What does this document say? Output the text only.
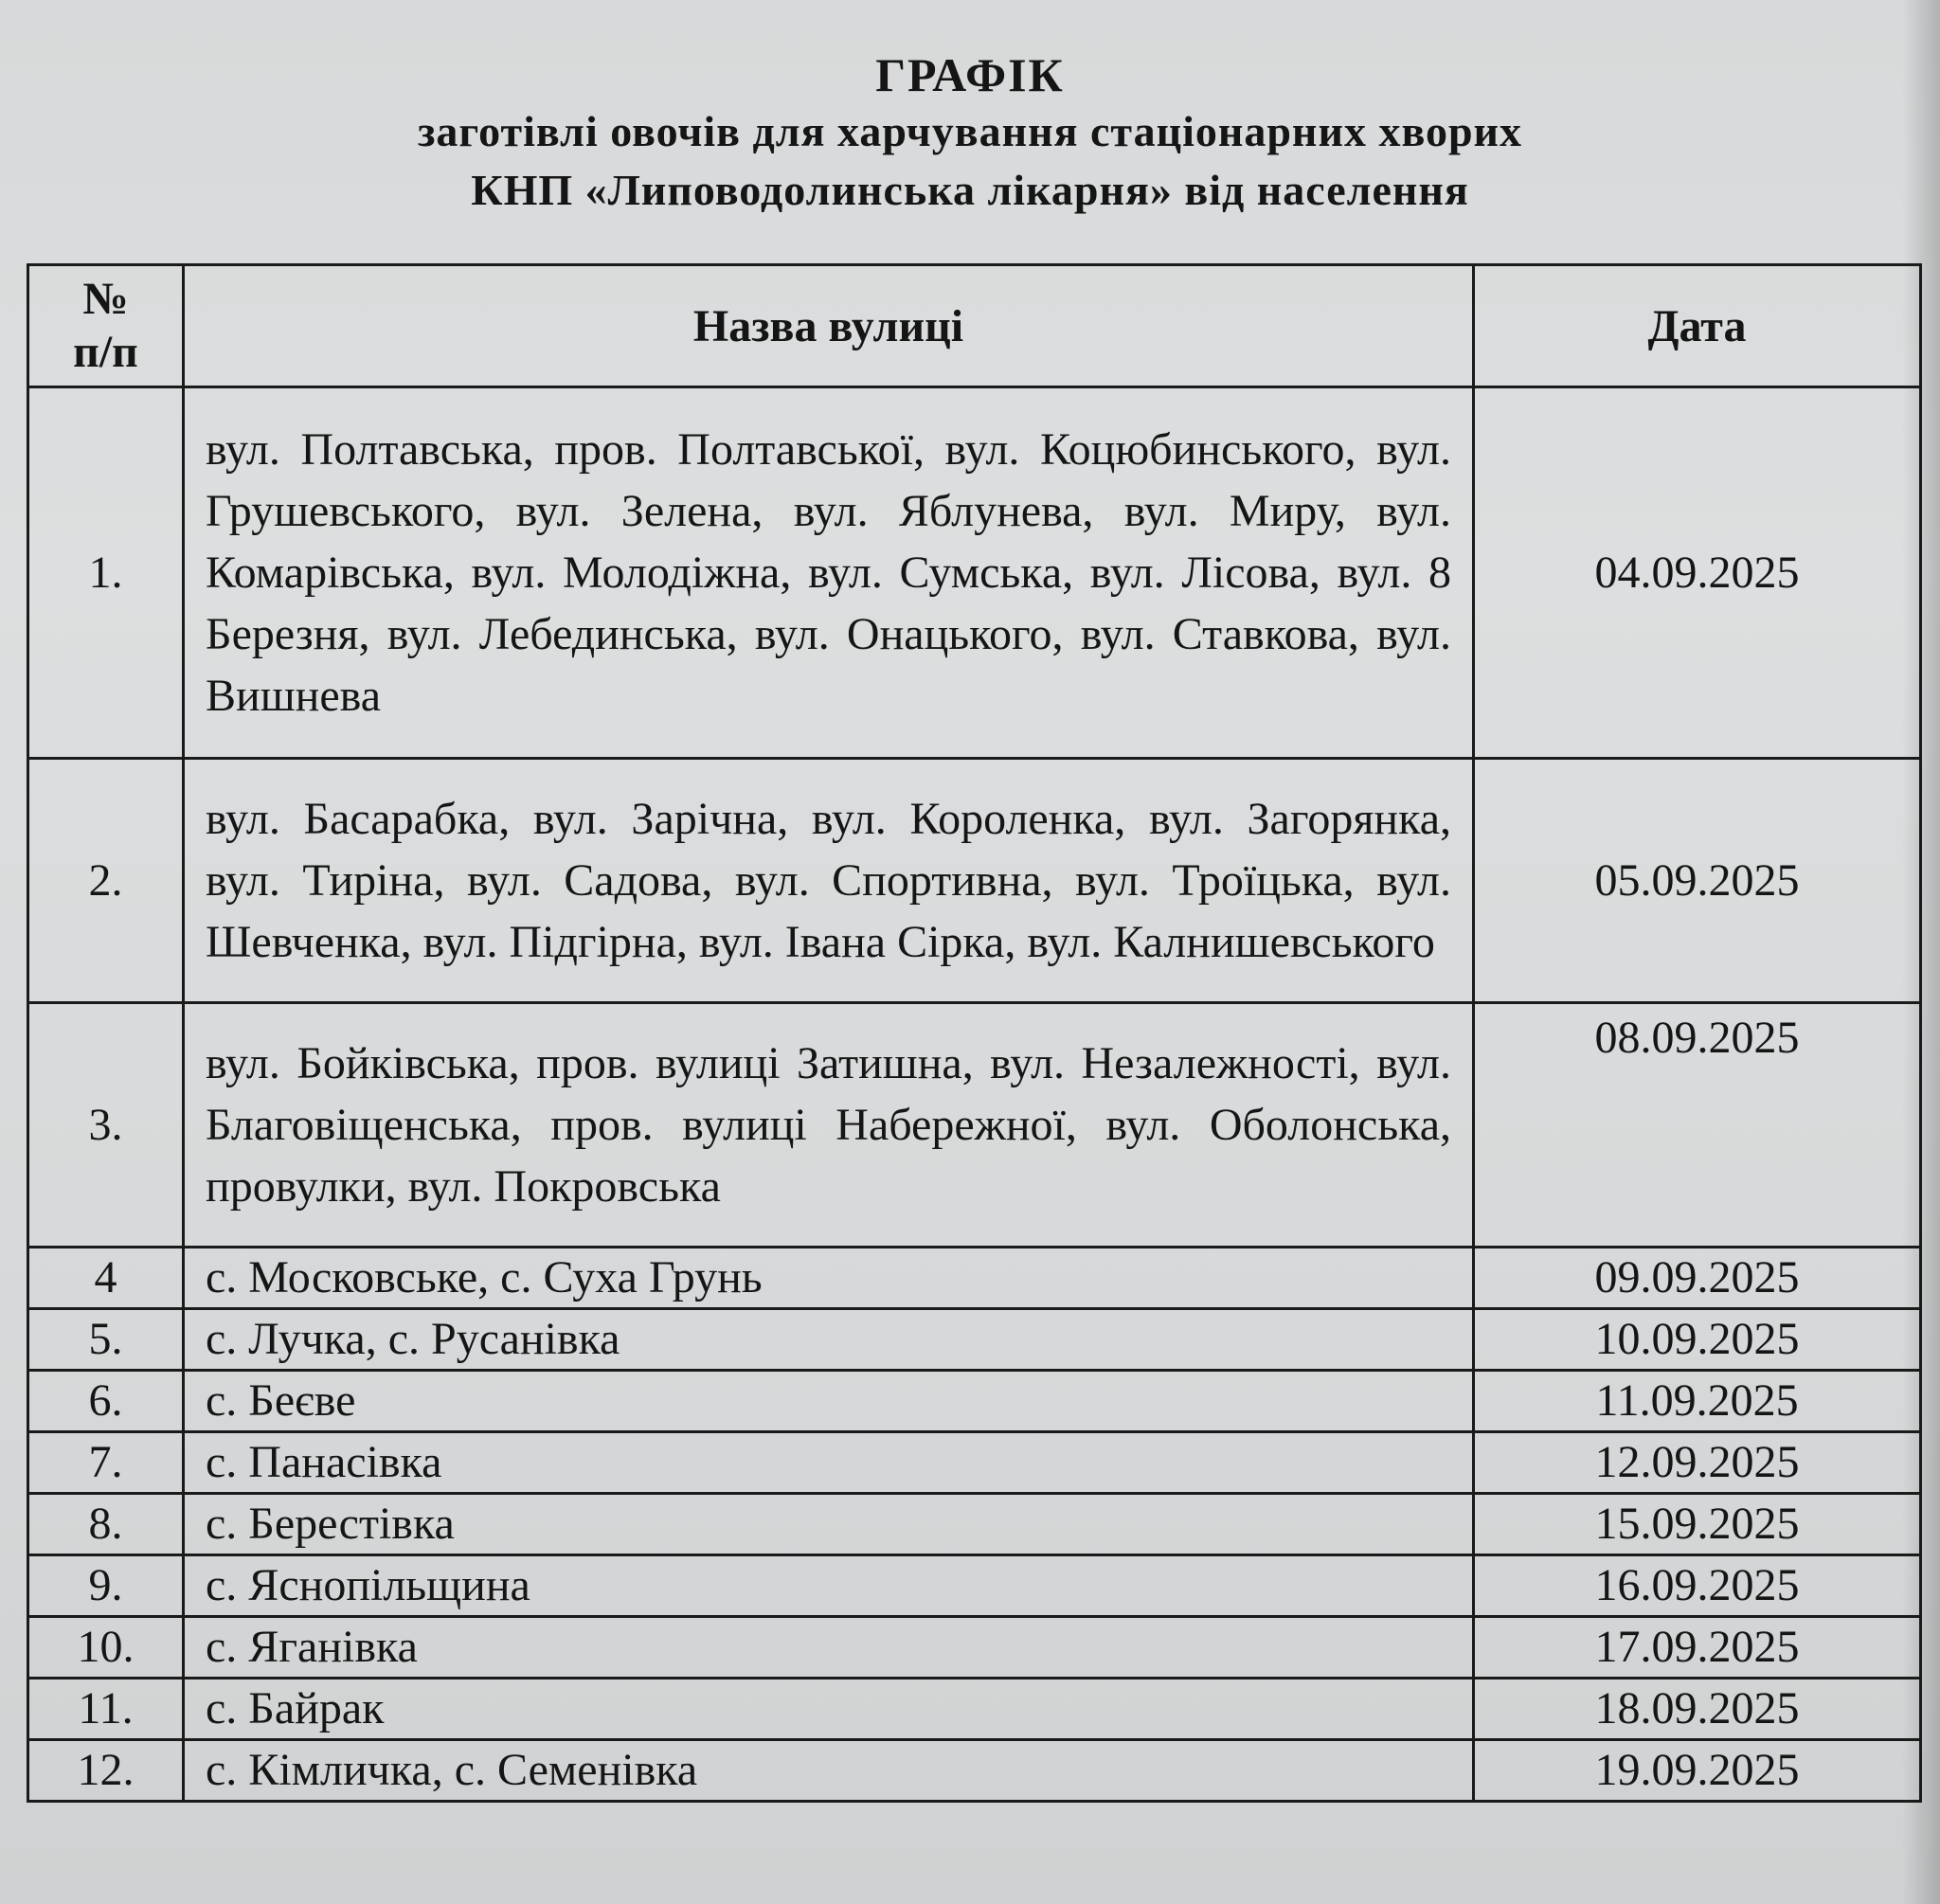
ГРАФІК
заготівлі овочів для харчування стаціонарних хворих
КНП «Липоводолинська лікарня» від населення
№
п/п	Назва вулиці	Дата
1.	вул. Полтавська, пров. Полтавської, вул. Коцюбинського, вул. Грушевського, вул. Зелена, вул. Яблунева, вул. Миру, вул. Комарівська, вул. Молодіжна, вул. Сумська, вул. Лісова, вул. 8 Березня, вул. Лебединська, вул. Онацького, вул. Ставкова, вул. Вишнева	04.09.2025
2.	вул. Басарабка, вул. Зарічна, вул. Короленка, вул. Загорянка, вул. Тиріна, вул. Садова, вул. Спортивна, вул. Троїцька, вул. Шевченка, вул. Підгірна, вул. Івана Сірка, вул. Калнишевського	05.09.2025
3.	вул. Бойківська, пров. вулиці Затишна, вул. Незалежності, вул. Благовіщенська, пров. вулиці Набережної, вул. Оболонська, провулки, вул. Покровська	08.09.2025
4	с. Московське, с. Суха Грунь	09.09.2025
5.	с. Лучка, с. Русанівка	10.09.2025
6.	с. Беєве	11.09.2025
7.	с. Панасівка	12.09.2025
8.	с. Берестівка	15.09.2025
9.	с. Яснопільщина	16.09.2025
10.	с. Яганівка	17.09.2025
11.	с. Байрак	18.09.2025
12.	с. Кімличка, с. Семенівка	19.09.2025
